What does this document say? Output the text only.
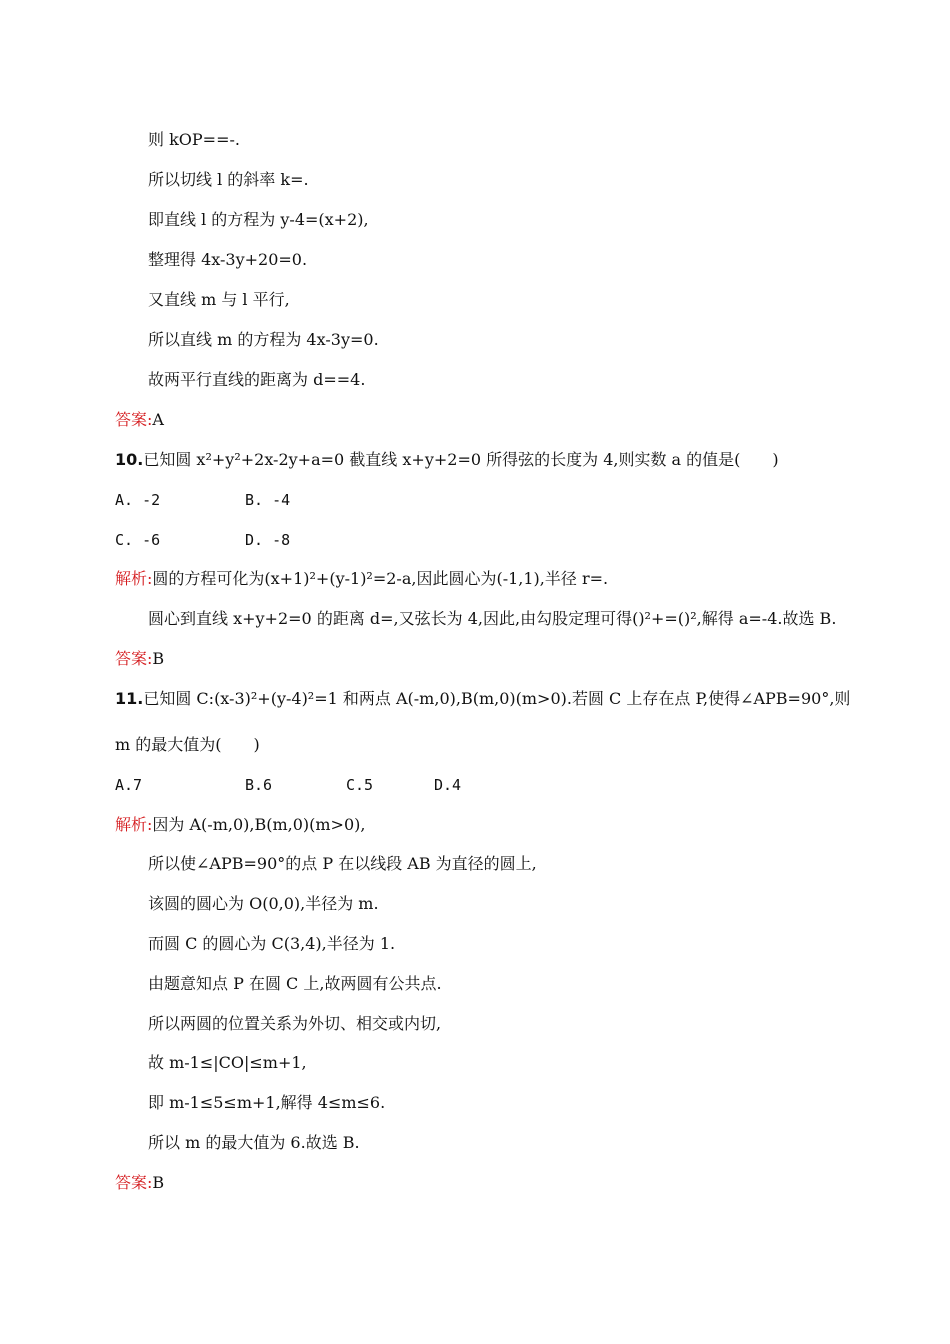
则 kOP==-.
所以切线 l 的斜率 k=.
即直线 l 的方程为 y-4=(x+2),
整理得 4x-3y+20=0.
又直线 m 与 l 平行,
所以直线 m 的方程为 4x-3y=0.
故两平行直线的距离为 d==4.
答案:A
10.已知圆 x²+y²+2x-2y+a=0 截直线 x+y+2=0 所得弦的长度为 4,则实数 a 的值是(　　)
A. -2	B. -4
C. -6	D. -8
解析:圆的方程可化为(x+1)²+(y-1)²=2-a,因此圆心为(-1,1),半径 r=.
圆心到直线 x+y+2=0 的距离 d=,又弦长为 4,因此,由勾股定理可得()²+=()²,解得 a=-4.故选 B.
答案:B
11.已知圆 C:(x-3)²+(y-4)²=1 和两点 A(-m,0),B(m,0)(m>0).若圆 C 上存在点 P,使得∠APB=90°,则
m 的最大值为(　　)
A.7	B.6	C.5	D.4
解析:因为 A(-m,0),B(m,0)(m>0),
所以使∠APB=90°的点 P 在以线段 AB 为直径的圆上,
该圆的圆心为 O(0,0),半径为 m.
而圆 C 的圆心为 C(3,4),半径为 1.
由题意知点 P 在圆 C 上,故两圆有公共点.
所以两圆的位置关系为外切、相交或内切,
故 m-1≤|CO|≤m+1,
即 m-1≤5≤m+1,解得 4≤m≤6.
所以 m 的最大值为 6.故选 B.
答案:B
